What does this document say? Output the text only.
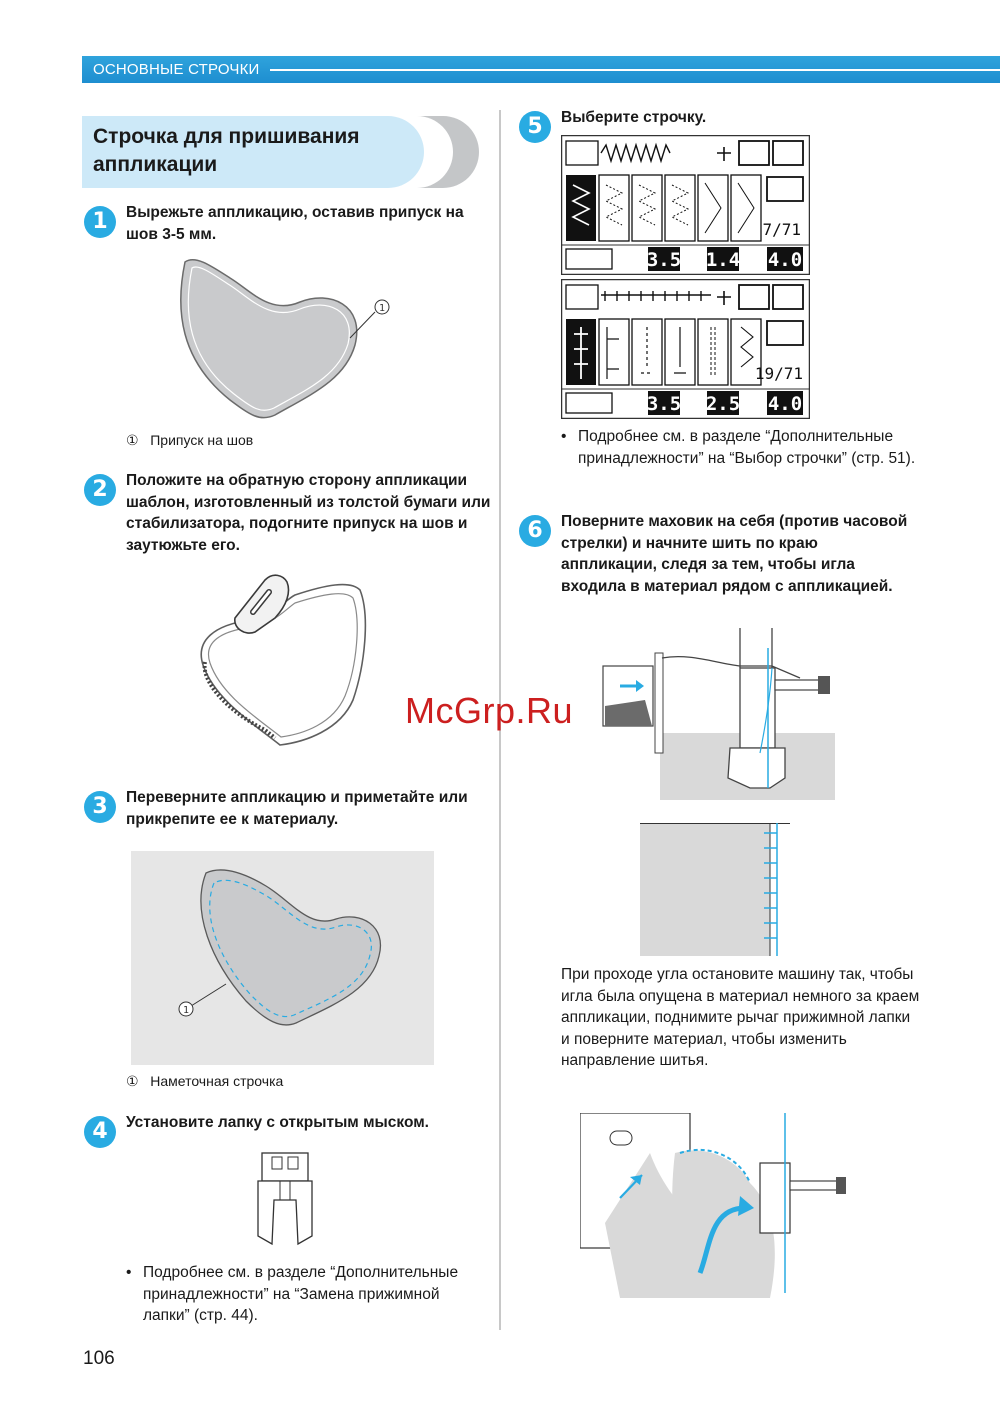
ОСНОВНЫЕ СТРОЧКИ
Строчка для пришивания аппликации
1	Вырежьте аппликацию, оставив припуск на шов 3-5 мм.
1
① Припуск на шов
2	Положите на обратную сторону аппликации шаблон, изготовленный из толстой бумаги или стабилизатора, подогните припуск на шов и заутюжьте его.
3	Переверните аппликацию и приметайте или прикрепите ее к материалу.
1
① Наметочная строчка
4	Установите лапку с открытым мыском.
• Подробнее см. в разделе “Дополнительные принадлежности” на “Замена прижимной лапки” (стр. 44).
106
5	Выберите строчку.
7/71
3.5 1.4 4.0
19/71
3.5 2.5 4.0
• Подробнее см. в разделе “Дополнительные принадлежности” на “Выбор строчки” (стр. 51).
6	Поверните маховик на себя (против часовой стрелки) и начните шить по краю аппликации, следя за тем, чтобы игла входила в материал рядом с аппликацией.
При проходе угла остановите машину так, чтобы игла была опущена в материал немного за краем аппликации, поднимите рычаг прижимной лапки и поверните материал, чтобы изменить направление шитья.
McGrp.Ru
